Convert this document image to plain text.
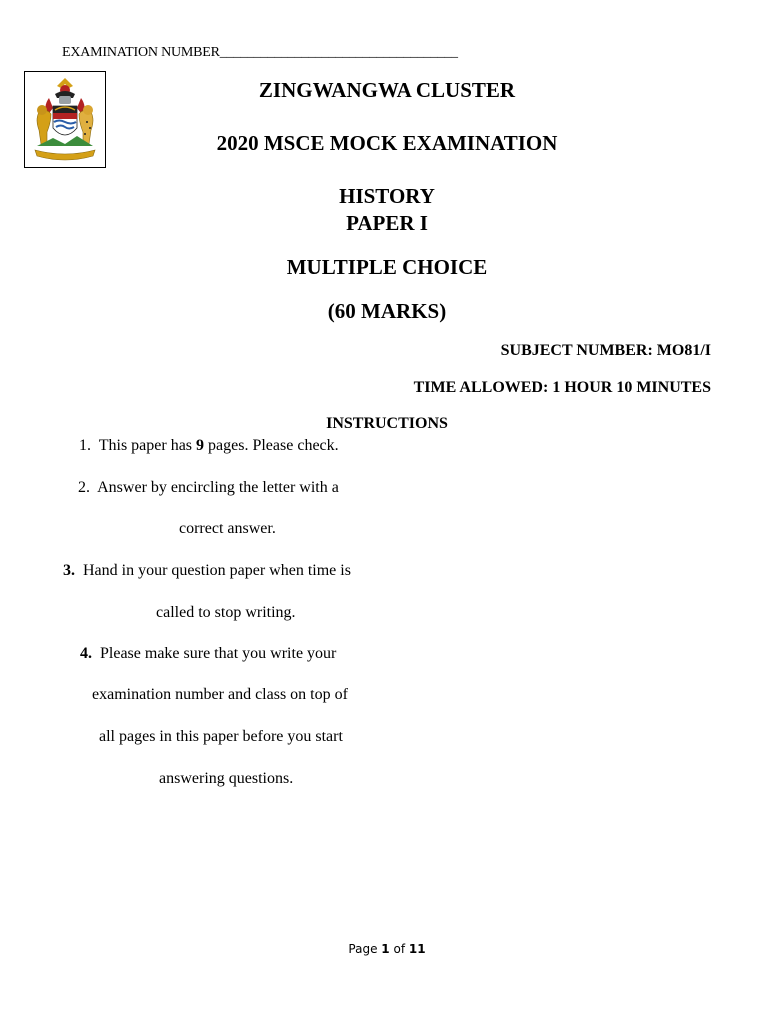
EXAMINATION NUMBER___________________________________
ZINGWANGWA CLUSTER
2020 MSCE MOCK EXAMINATION
HISTORY
PAPER I
MULTIPLE CHOICE
(60 MARKS)
SUBJECT NUMBER: MO81/I
TIME ALLOWED: 1 HOUR 10 MINUTES
INSTRUCTIONS
1. This paper has 9 pages. Please check.
2. Answer by encircling the letter with a
correct answer.
3. Hand in your question paper when time is
called to stop writing.
4. Please make sure that you write your
examination number and class on top of
all pages in this paper before you start
answering questions.
Page 1 of 11
